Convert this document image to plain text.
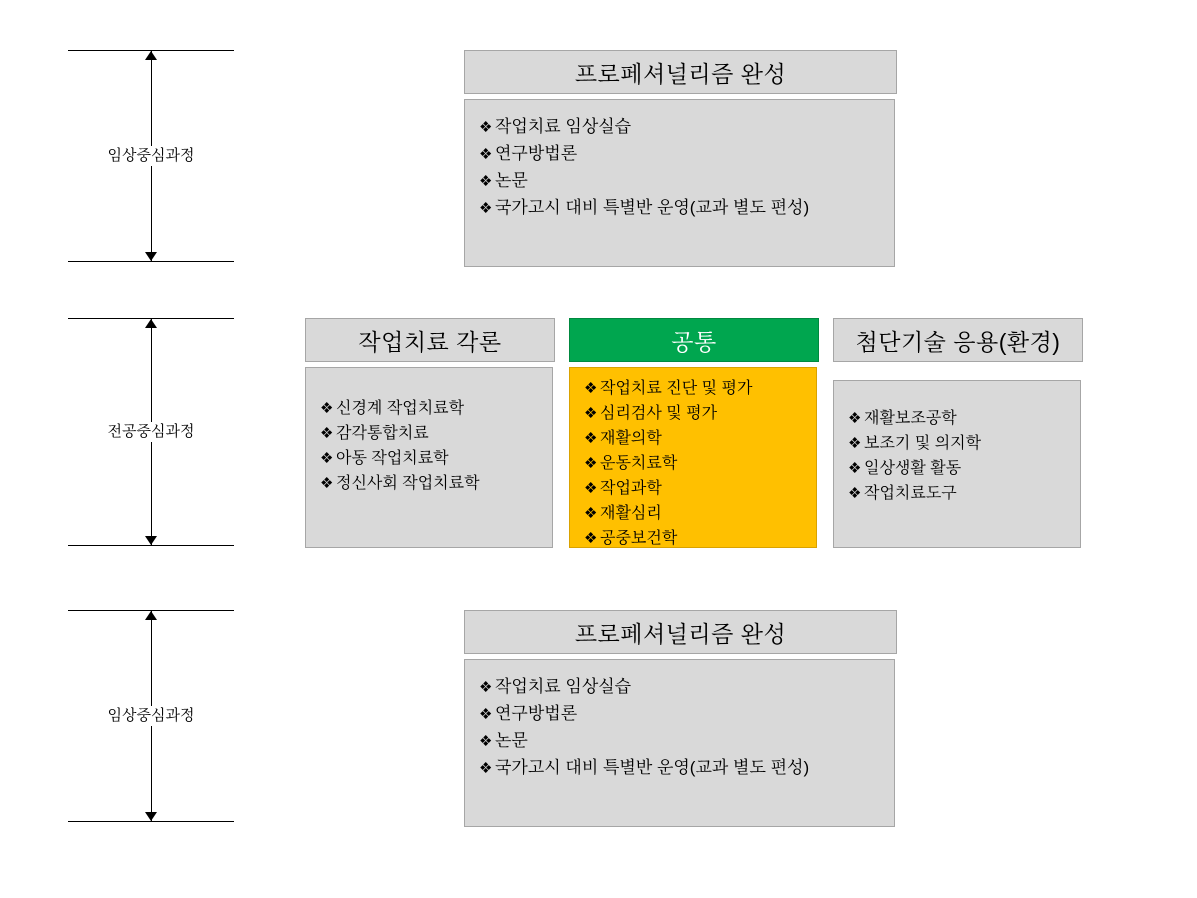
임상중심과정
전공중심과정
임상중심과정
프로페셔널리즘 완성
❖ 작업치료 임상실습
❖ 연구방법론
❖ 논문
❖ 국가고시 대비 특별반 운영(교과 별도 편성)
작업치료 각론
❖ 신경계 작업치료학
❖ 감각통합치료
❖ 아동 작업치료학
❖ 정신사회 작업치료학
공통
❖ 작업치료 진단 및 평가
❖ 심리검사 및 평가
❖ 재활의학
❖ 운동치료학
❖ 작업과학
❖ 재활심리
❖ 공중보건학
첨단기술 응용(환경)
❖ 재활보조공학
❖ 보조기 및 의지학
❖ 일상생활 활동
❖ 작업치료도구
프로페셔널리즘 완성
❖ 작업치료 임상실습
❖ 연구방법론
❖ 논문
❖ 국가고시 대비 특별반 운영(교과 별도 편성)
